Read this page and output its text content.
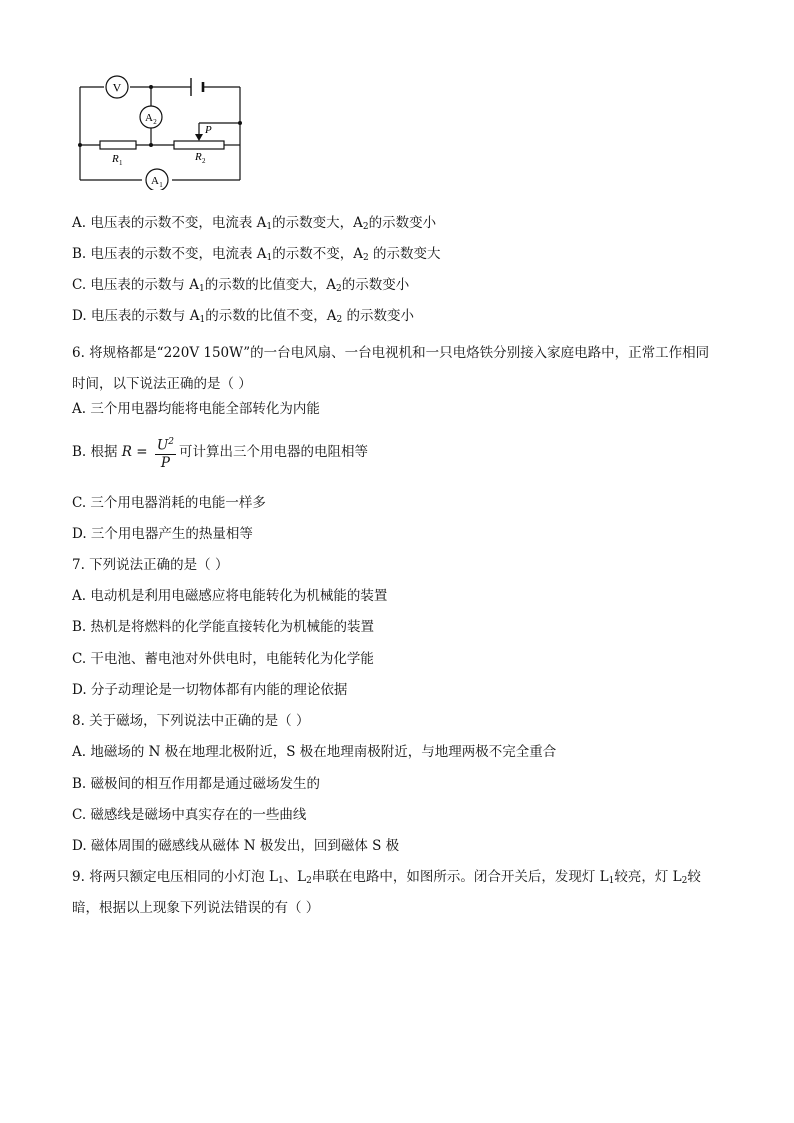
V
A 2
A 1
P
R 1	R 2
A. 电压表的示数不变，电流表 $A_1$的示数变大，$A_2$的示数变小
B. 电压表的示数不变，电流表 $A_1$的示数不变，$A_2$ 的示数变大
C. 电压表的示数与 $A_1$的示数的比值变大，$A_2$的示数变小
D. 电压表的示数与 $A_1$的示数的比值不变，$A_2$ 的示数变小
6. 将规格都是“220V 150W”的一台电风扇、一台电视机和一只电烙铁分别接入家庭电路中，正常工作相同时间，以下说法正确的是（ ）
A. 三个用电器均能将电能全部转化为内能
B. 根据 $R = \frac{U^2}{P}$ 可计算出三个用电器的电阻相等
C. 三个用电器消耗的电能一样多
D. 三个用电器产生的热量相等
7. 下列说法正确的是（ ）
A. 电动机是利用电磁感应将电能转化为机械能的装置
B. 热机是将燃料的化学能直接转化为机械能的装置
C. 干电池、蓄电池对外供电时，电能转化为化学能
D. 分子动理论是一切物体都有内能的理论依据
8. 关于磁场，下列说法中正确的是（ ）
A. 地磁场的 N 极在地理北极附近，S 极在地理南极附近，与地理两极不完全重合
B. 磁极间的相互作用都是通过磁场发生的
C. 磁感线是磁场中真实存在的一些曲线
D. 磁体周围的磁感线从磁体 N 极发出，回到磁体 S 极
9. 将两只额定电压相同的小灯泡 $L_1$、$L_2$串联在电路中，如图所示。闭合开关后，发现灯 $L_1$较亮，灯 $L_2$较
暗，根据以上现象下列说法错误的有（ ）
